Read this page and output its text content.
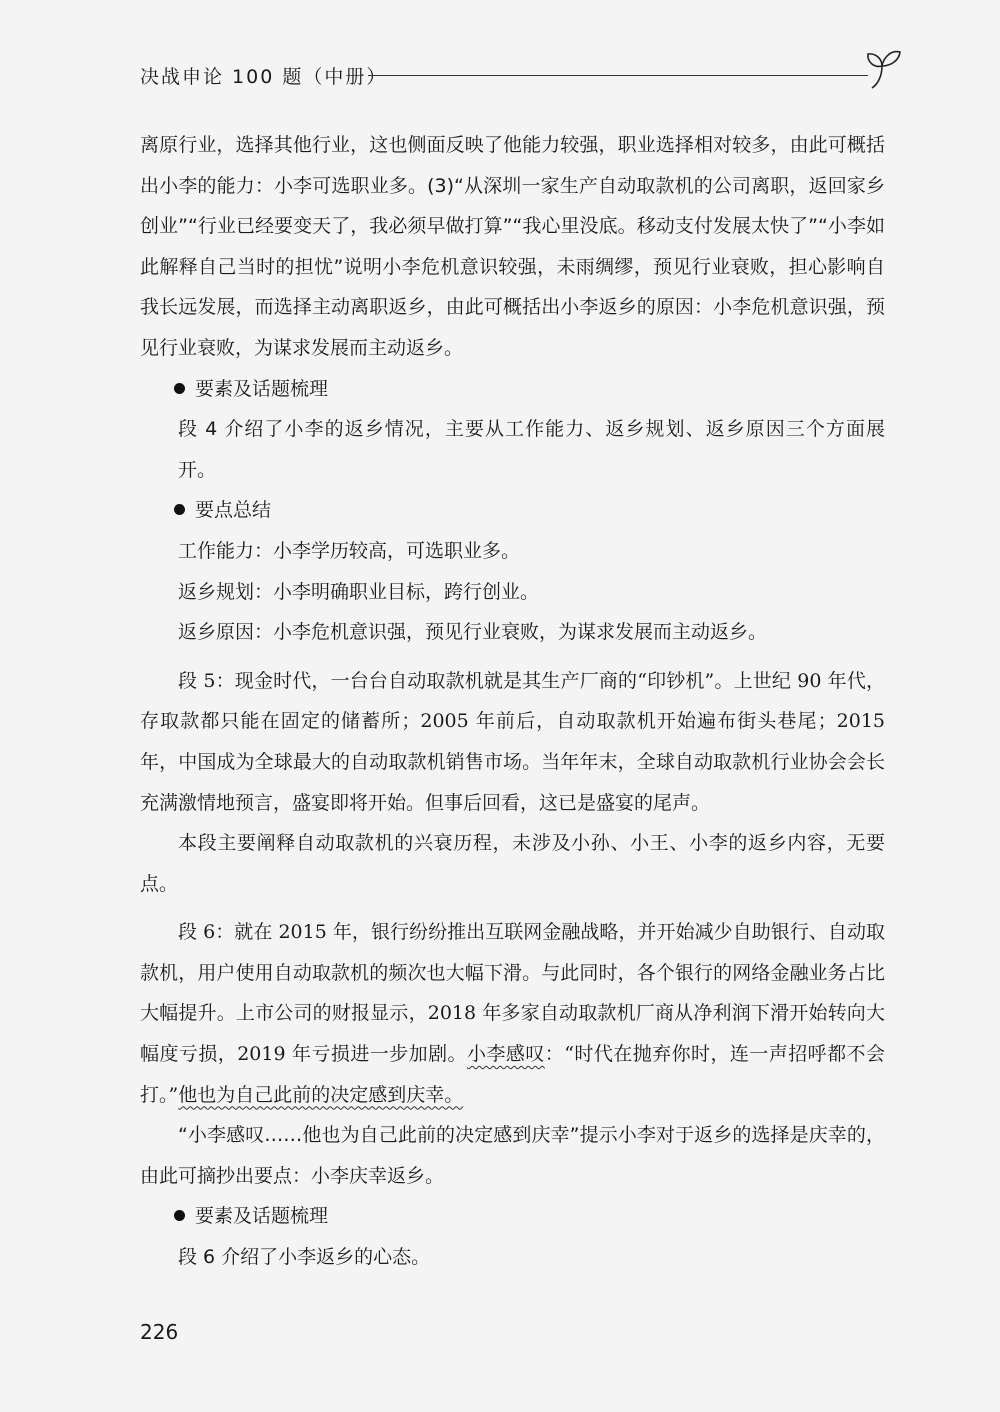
决战申论 100 题（中册）

离原行业，选择其他行业，这也侧面反映了他能力较强，职业选择相对较多，由此可概括出小李的能力：小李可选职业多。(3)“从深圳一家生产自动取款机的公司离职，返回家乡创业”“行业已经要变天了，我必须早做打算”“我心里没底。移动支付发展太快了”“小李如此解释自己当时的担忧”说明小李危机意识较强，未雨绸缪，预见行业衰败，担心影响自我长远发展，而选择主动离职返乡，由此可概括出小李返乡的原因：小李危机意识强，预见行业衰败，为谋求发展而主动返乡。

要素及话题梳理

段 4 介绍了小李的返乡情况，主要从工作能力、返乡规划、返乡原因三个方面展开。

要点总结

工作能力：小李学历较高，可选职业多。

返乡规划：小李明确职业目标，跨行创业。

返乡原因：小李危机意识强，预见行业衰败，为谋求发展而主动返乡。

段 5：现金时代，一台台自动取款机就是其生产厂商的“印钞机”。上世纪 90 年代，存取款都只能在固定的储蓄所；2005 年前后，自动取款机开始遍布街头巷尾；2015 年，中国成为全球最大的自动取款机销售市场。当年年末，全球自动取款机行业协会会长充满激情地预言，盛宴即将开始。但事后回看，这已是盛宴的尾声。

本段主要阐释自动取款机的兴衰历程，未涉及小孙、小王、小李的返乡内容，无要点。

段 6：就在 2015 年，银行纷纷推出互联网金融战略，并开始减少自助银行、自动取款机，用户使用自动取款机的频次也大幅下滑。与此同时，各个银行的网络金融业务占比大幅提升。上市公司的财报显示，2018 年多家自动取款机厂商从净利润下滑开始转向大幅度亏损，2019 年亏损进一步加剧。小李感叹：“时代在抛弃你时，连一声招呼都不会打。”他也为自己此前的决定感到庆幸。

“小李感叹……他也为自己此前的决定感到庆幸”提示小李对于返乡的选择是庆幸的，由此可摘抄出要点：小李庆幸返乡。

要素及话题梳理

段 6 介绍了小李返乡的心态。

226
